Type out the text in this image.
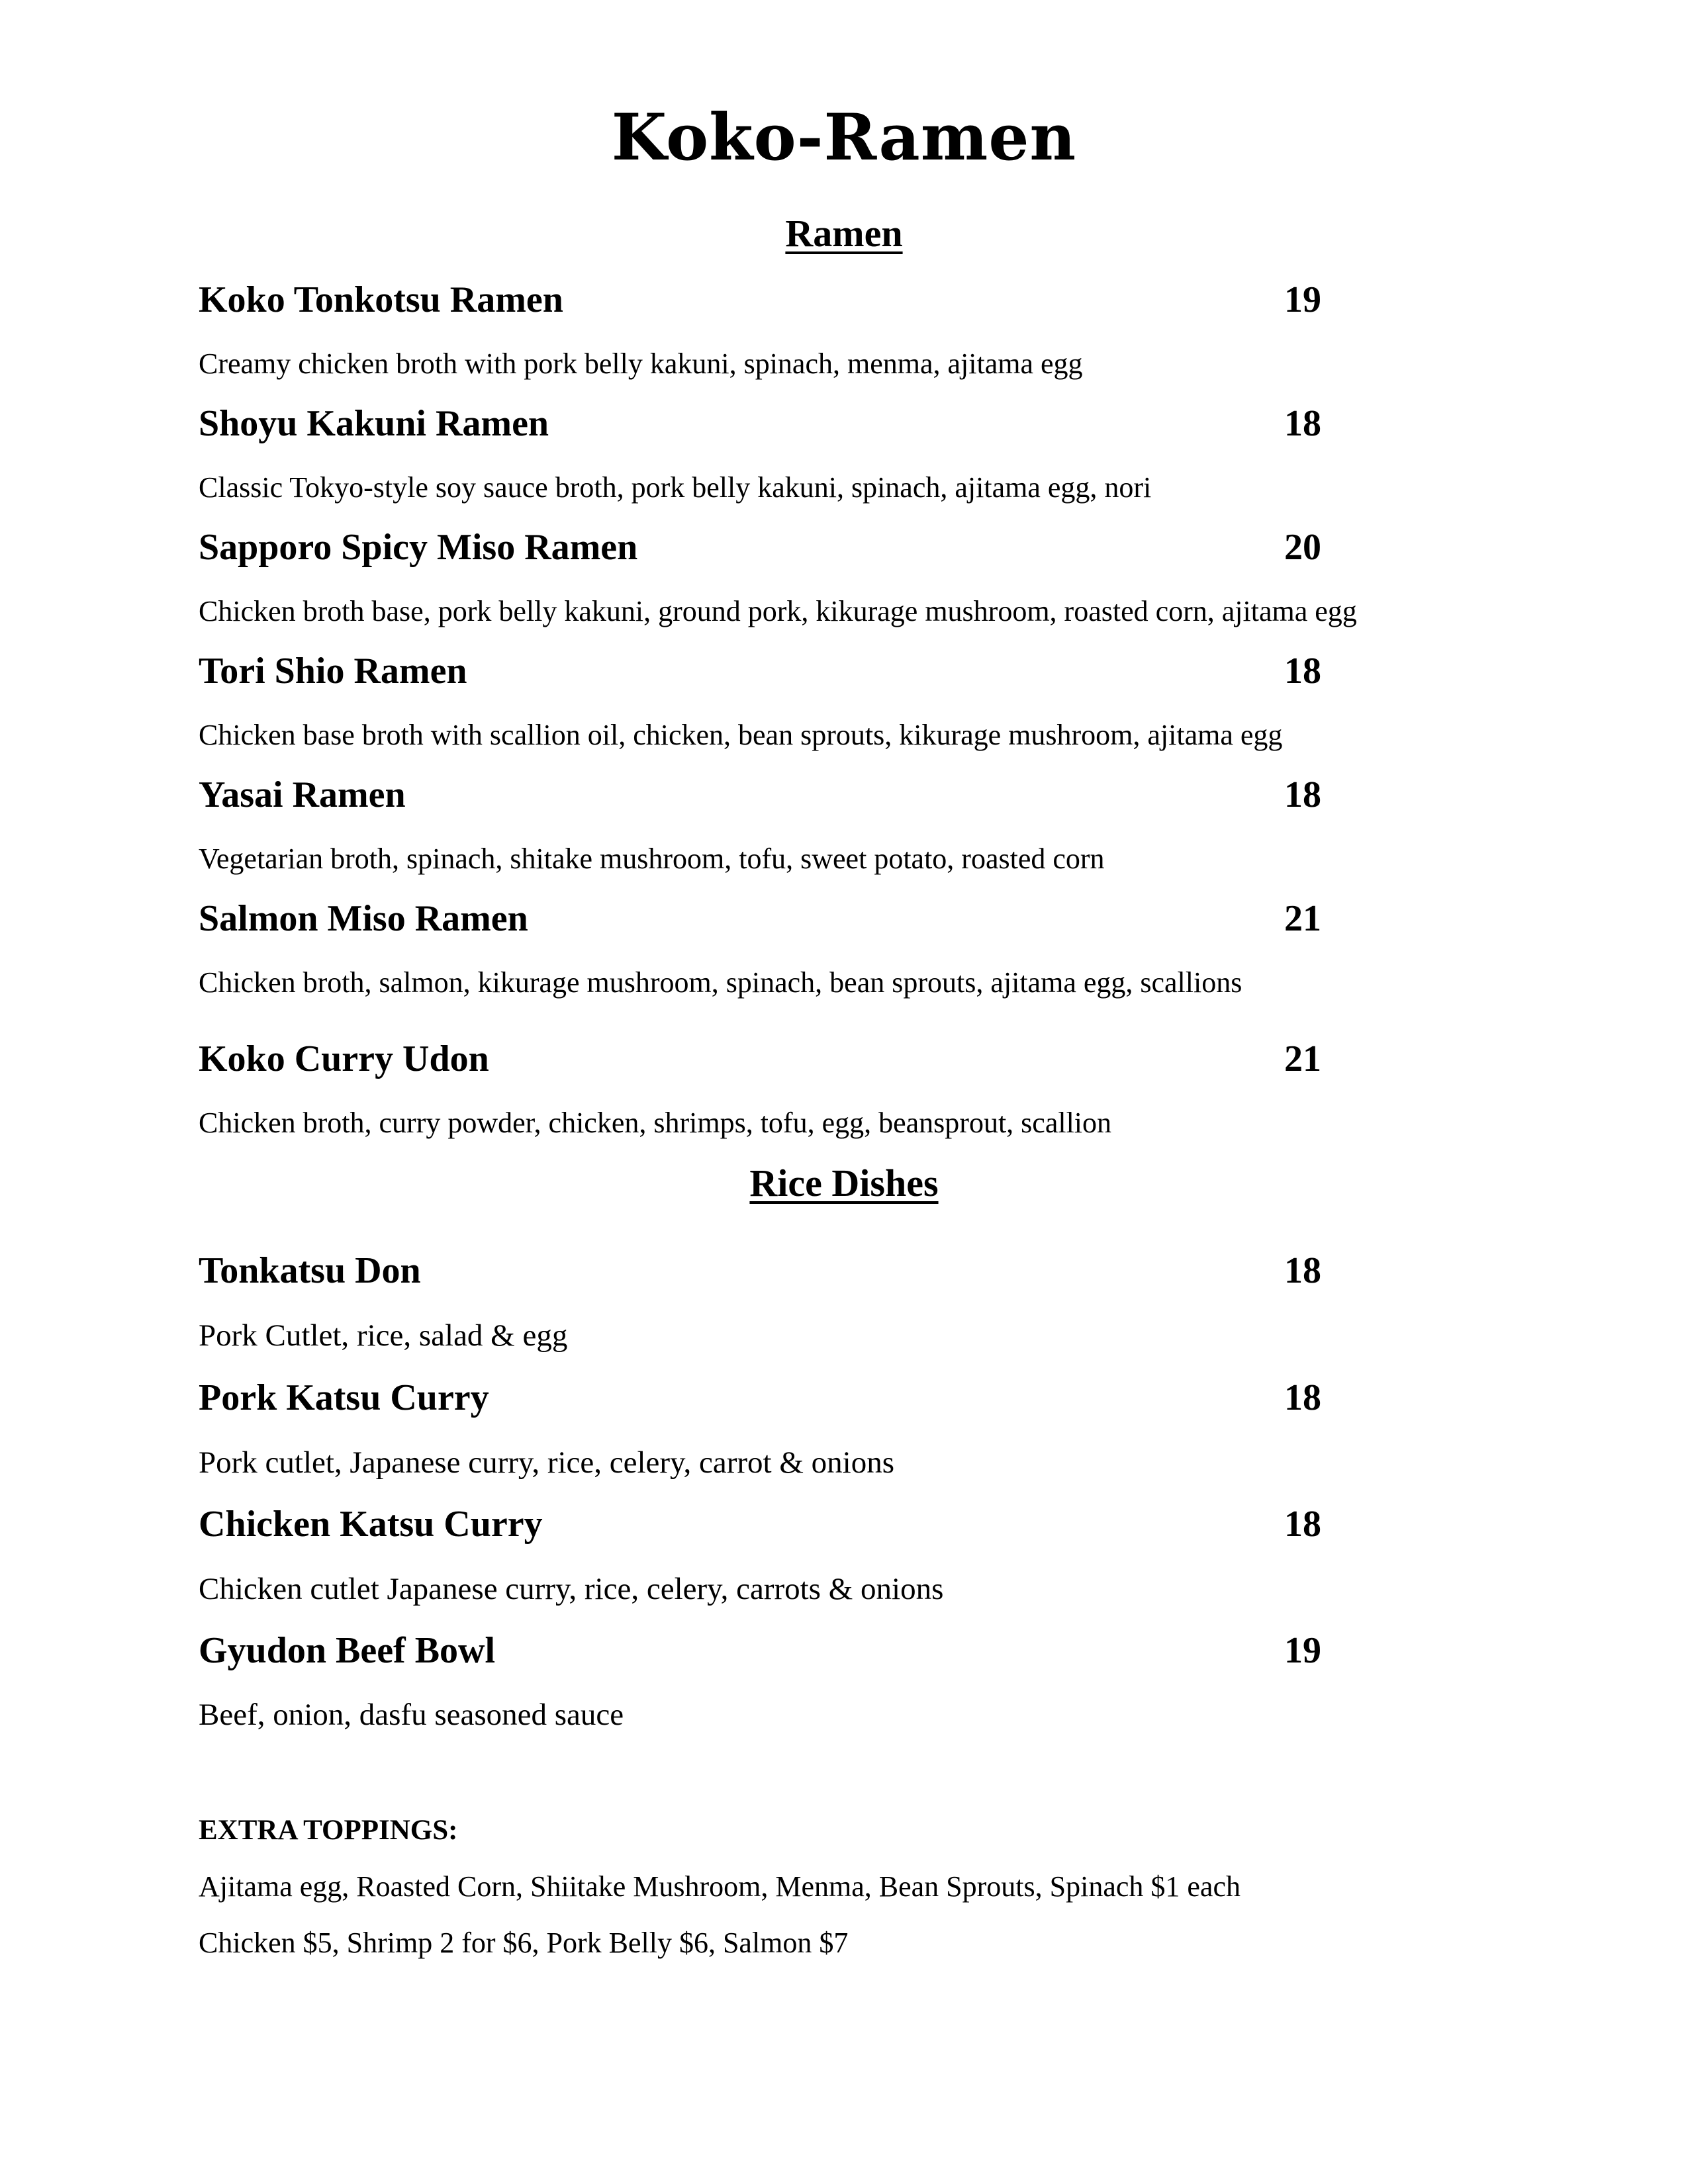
Koko-Ramen
Ramen
Koko Tonkotsu Ramen	19
Creamy chicken broth with pork belly kakuni, spinach, menma, ajitama egg
Shoyu Kakuni Ramen	18
Classic Tokyo-style soy sauce broth, pork belly kakuni, spinach, ajitama egg, nori
Sapporo Spicy Miso Ramen	20
Chicken broth base, pork belly kakuni, ground pork, kikurage mushroom, roasted corn, ajitama egg
Tori Shio Ramen	18
Chicken base broth with scallion oil, chicken, bean sprouts, kikurage mushroom, ajitama egg
Yasai Ramen	18
Vegetarian broth, spinach, shitake mushroom, tofu, sweet potato, roasted corn
Salmon Miso Ramen	21
Chicken broth, salmon, kikurage mushroom, spinach, bean sprouts, ajitama egg, scallions
Koko Curry Udon	21
Chicken broth, curry powder, chicken, shrimps, tofu, egg, beansprout, scallion
Rice Dishes
Tonkatsu Don	18
Pork Cutlet, rice, salad & egg
Pork Katsu Curry	18
Pork cutlet, Japanese curry, rice, celery, carrot & onions
Chicken Katsu Curry	18
Chicken cutlet Japanese curry, rice, celery, carrots & onions
Gyudon Beef Bowl	19
Beef, onion, dasfu seasoned sauce
EXTRA TOPPINGS:
Ajitama egg, Roasted Corn, Shiitake Mushroom, Menma, Bean Sprouts, Spinach $1 each
Chicken $5, Shrimp 2 for $6, Pork Belly $6, Salmon $7
